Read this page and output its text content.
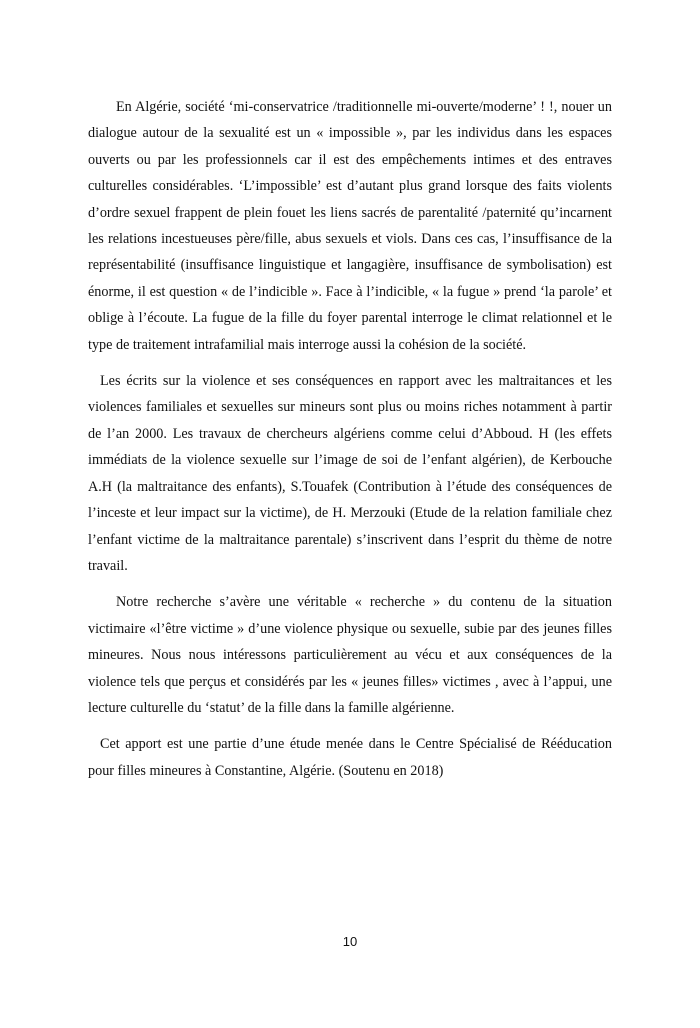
En Algérie, société ‘mi-conservatrice /traditionnelle mi-ouverte/moderne’ ! !, nouer un dialogue autour de la sexualité est un « impossible », par les individus dans les espaces ouverts ou par les professionnels car il est des empêchements intimes et des entraves culturelles considérables. ‘L’impossible’ est d’autant plus grand lorsque des faits violents d’ordre sexuel frappent de plein fouet les liens sacrés de parentalité /paternité qu’incarnent les relations incestueuses père/fille, abus sexuels et viols. Dans ces cas, l’insuffisance de la représentabilité (insuffisance linguistique et langagière, insuffisance de symbolisation) est énorme, il est question « de l’indicible ». Face à l’indicible, « la fugue » prend ‘la parole’ et oblige à l’écoute. La fugue de la fille du foyer parental interroge le climat relationnel et le type de traitement intrafamilial mais interroge aussi la cohésion de la société.

Les écrits sur la violence et ses conséquences en rapport avec les maltraitances et les violences familiales et sexuelles sur mineurs sont plus ou moins riches notamment à partir de l’an 2000. Les travaux de chercheurs algériens comme celui d’Abboud. H (les effets immédiats de la violence sexuelle sur l’image de soi de l’enfant algérien), de Kerbouche A.H (la maltraitance des enfants), S.Touafek (Contribution à l’étude des conséquences de l’inceste et leur impact sur la victime), de H. Merzouki (Etude de la relation familiale chez l’enfant victime de la maltraitance parentale) s’inscrivent dans l’esprit du thème de notre travail.

Notre recherche s’avère une véritable « recherche » du contenu de la situation victimaire «l’être victime » d’une violence physique ou sexuelle, subie par des jeunes filles mineures. Nous nous intéressons particulièrement au vécu et aux conséquences de la violence tels que perçus et considérés par les « jeunes filles» victimes , avec à l’appui, une lecture culturelle du ‘statut’ de la fille dans la famille algérienne.

Cet apport est une partie d’une étude menée dans le Centre Spécialisé de Rééducation pour filles mineures à Constantine, Algérie. (Soutenu en 2018)

10
